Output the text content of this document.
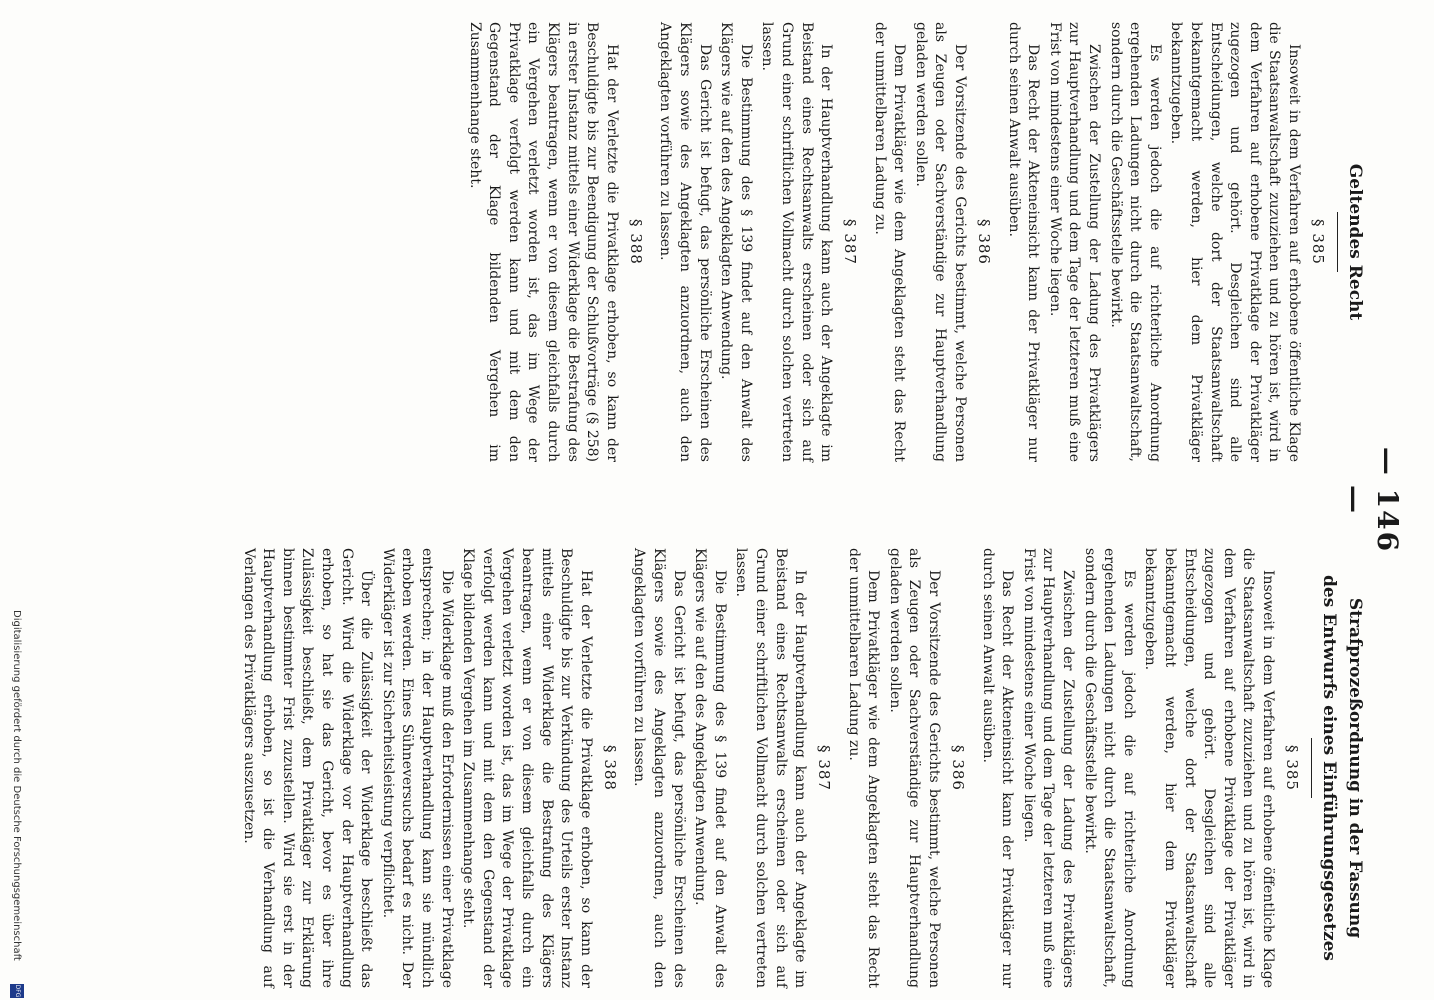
— 146 —
Geltendes Recht
§ 385

Insoweit in dem Verfahren auf erhobene öffentliche Klage die Staatsanwaltschaft zuzuziehen und zu hören ist, wird in dem Verfahren auf erhobene Privatklage der Privatkläger zugezogen und gehört. Desgleichen sind alle Entscheidungen, welche dort der Staatsanwaltschaft bekanntgemacht werden, hier dem Privatkläger bekanntzugeben.

Es werden jedoch die auf richterliche Anordnung ergehenden Ladungen nicht durch die Staatsanwaltschaft, sondern durch die Geschäftsstelle bewirkt.

Zwischen der Zustellung der Ladung des Privatklägers zur Hauptverhandlung und dem Tage der letzteren muß eine Frist von mindestens einer Woche liegen.

Das Recht der Akteneinsicht kann der Privatkläger nur durch seinen Anwalt ausüben.

§ 386

Der Vorsitzende des Gerichts bestimmt, welche Personen als Zeugen oder Sachverständige zur Hauptverhandlung geladen werden sollen.

Dem Privatkläger wie dem Angeklagten steht das Recht der unmittelbaren Ladung zu.

§ 387

In der Hauptverhandlung kann auch der Angeklagte im Beistand eines Rechtsanwalts erscheinen oder sich auf Grund einer schriftlichen Vollmacht durch solchen vertreten lassen.

Die Bestimmung des § 139 findet auf den Anwalt des Klägers wie auf den des Angeklagten Anwendung.

Das Gericht ist befugt, das persönliche Erscheinen des Klägers sowie des Angeklagten anzuordnen, auch den Angeklagten vorführen zu lassen.

§ 388

Hat der Verletzte die Privatklage erhoben, so kann der Beschuldigte bis zur Beendigung der Schlußvorträge (§ 258) in erster Instanz mittels einer Widerklage die Bestrafung des Klägers beantragen, wenn er von diesem gleichfalls durch ein Vergehen verletzt worden ist, das im Wege der Privatklage verfolgt werden kann und mit dem den Gegenstand der Klage bildenden Vergehen im Zusammenhange steht.

Strafprozeßordnung in der Fassung
des Entwurfs eines Einführungsgesetzes
§ 385

Insoweit in dem Verfahren auf erhobene öffentliche Klage die Staatsanwaltschaft zuzuziehen und zu hören ist, wird in dem Verfahren auf erhobene Privatklage der Privatkläger zugezogen und gehört. Desgleichen sind alle Entscheidungen, welche dort der Staatsanwaltschaft bekanntgemacht werden, hier dem Privatkläger bekanntzugeben.

Es werden jedoch die auf richterliche Anordnung ergehenden Ladungen nicht durch die Staatsanwaltschaft, sondern durch die Geschäftsstelle bewirkt.

Zwischen der Zustellung der Ladung des Privatklägers zur Hauptverhandlung und dem Tage der letzteren muß eine Frist von mindestens einer Woche liegen.

Das Recht der Akteneinsicht kann der Privatkläger nur durch seinen Anwalt ausüben.

§ 386

Der Vorsitzende des Gerichts bestimmt, welche Personen als Zeugen oder Sachverständige zur Hauptverhandlung geladen werden sollen.

Dem Privatkläger wie dem Angeklagten steht das Recht der unmittelbaren Ladung zu.

§ 387

In der Hauptverhandlung kann auch der Angeklagte im Beistand eines Rechtsanwalts erscheinen oder sich auf Grund einer schriftlichen Vollmacht durch solchen vertreten lassen.

Die Bestimmung des § 139 findet auf den Anwalt des Klägers wie auf den des Angeklagten Anwendung.

Das Gericht ist befugt, das persönliche Erscheinen des Klägers sowie des Angeklagten anzuordnen, auch den Angeklagten vorführen zu lassen.

§ 388

Hat der Verletzte die Privatklage erhoben, so kann der Beschuldigte bis zur Verkündung des Urteils erster Instanz mittels einer Widerklage die Bestrafung des Klägers beantragen, wenn er von diesem gleichfalls durch ein Vergehen verletzt worden ist, das im Wege der Privatklage verfolgt werden kann und mit dem den Gegenstand der Klage bildenden Vergehen im Zusammenhange steht.

Die Widerklage muß den Erfordernissen einer Privatklage entsprechen; in der Hauptverhandlung kann sie mündlich erhoben werden. Eines Sühneversuchs bedarf es nicht. Der Widerkläger ist zur Sicherheitsleistung verpflichtet.

Über die Zulässigkeit der Widerklage beschließt das Gericht. Wird die Widerklage vor der Hauptverhandlung erhoben, so hat sie das Gericht, bevor es über ihre Zulässigkeit beschließt, dem Privatkläger zur Erklärung binnen bestimmter Frist zuzustellen. Wird sie erst in der Hauptverhandlung erhoben, so ist die Verhandlung auf Verlangen des Privatklägers auszusetzen.

Digitalisierung gefördert durch die Deutsche Forschungsgemeinschaft
DFG
